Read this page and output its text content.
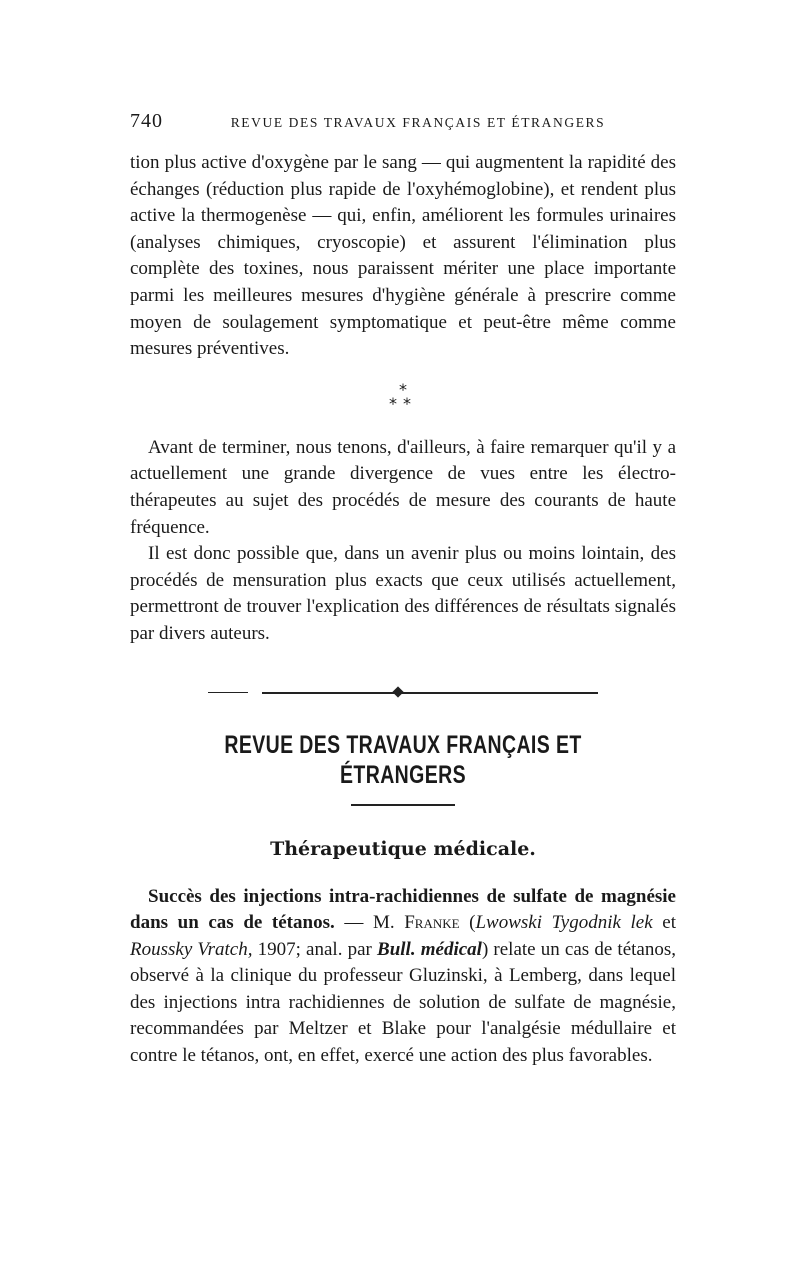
740	REVUE DES TRAVAUX FRANÇAIS ET ÉTRANGERS

tion plus active d'oxygène par le sang — qui augmentent la rapidité des échanges (réduction plus rapide de l'oxyhémoglobine), et rendent plus active la thermogenèse — qui, enfin, améliorent les formules urinaires (analyses chimiques, cryoscopie) et assurent l'élimination plus complète des toxines, nous paraissent mériter une place importante parmi les meilleures mesures d'hygiène générale à prescrire comme moyen de soulagement symptomatique et peut-être même comme mesures préventives.

*
**

Avant de terminer, nous tenons, d'ailleurs, à faire remarquer qu'il y a actuellement une grande divergence de vues entre les électro-thérapeutes au sujet des procédés de mesure des courants de haute fréquence.

Il est donc possible que, dans un avenir plus ou moins lointain, des procédés de mensuration plus exacts que ceux utilisés actuellement, permettront de trouver l'explication des différences de résultats signalés par divers auteurs.

REVUE DES TRAVAUX FRANÇAIS ET ÉTRANGERS
Thérapeutique médicale.

Succès des injections intra-rachidiennes de sulfate de magnésie dans un cas de tétanos. — M. Franke (Lwowski Tygodnik lek et Roussky Vratch, 1907; anal. par Bull. médical) relate un cas de tétanos, observé à la clinique du professeur Gluzinski, à Lemberg, dans lequel des injections intra rachidiennes de solution de sulfate de magnésie, recommandées par Meltzer et Blake pour l'analgésie médullaire et contre le tétanos, ont, en effet, exercé une action des plus favorables.
